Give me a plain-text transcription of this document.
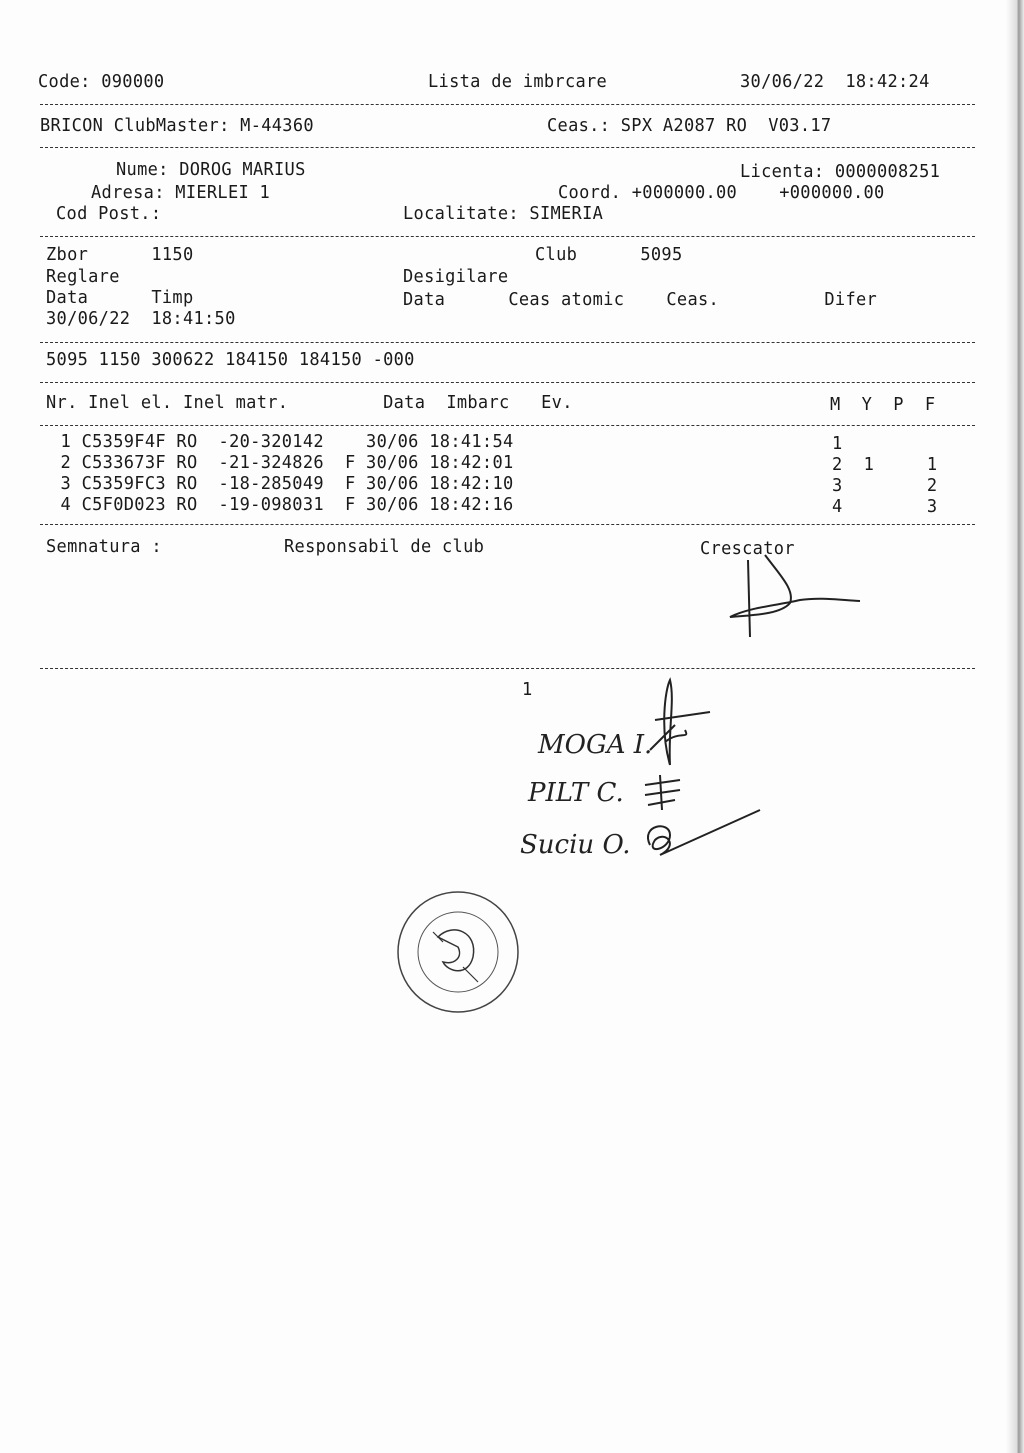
Code: 090000	Lista de imbrcare	30/06/22  18:42:24
BRICON ClubMaster: M-44360	Ceas.: SPX A2087 RO  V03.17
Nume: DOROG MARIUS	Licenta: 0000008251
Adresa: MIERLEI 1	Coord. +000000.00    +000000.00
Cod Post.:	Localitate: SIMERIA
Zbor      1150	Club      5095
Reglare	Desigilare
Data      Timp	Data      Ceas atomic    Ceas.          Difer
30/06/22  18:41:50
5095 1150 300622 184150 184150 -000
Nr. Inel el. Inel matr.         Data  Imbarc   Ev.	M  Y  P  F
1 C5359F4F RO  -20-320142    30/06 18:41:54	1
2 C533673F RO  -21-324826  F 30/06 18:42:01	2  1     1
3 C5359FC3 RO  -18-285049  F 30/06 18:42:10	3        2
4 C5F0D023 RO  -19-098031  F 30/06 18:42:16	4        3
Semnatura :	Responsabil de club	Crescator
1
MOGA I.
PILT C.
Suciu O.
